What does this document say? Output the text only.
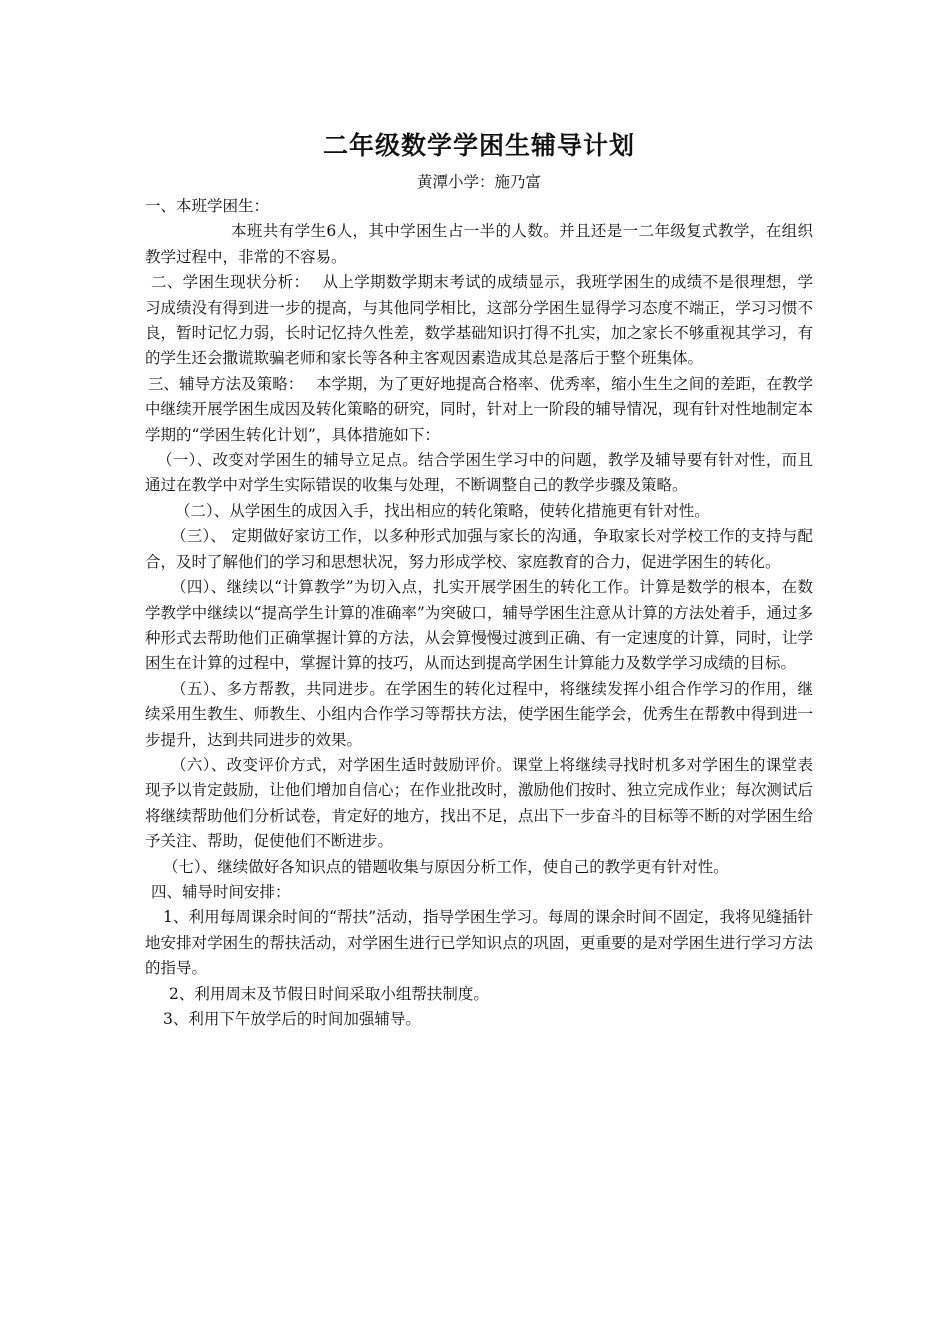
二年级数学学困生辅导计划
黄潭小学：施乃富

一、本班学困生：

本班共有学生6人，其中学困生占一半的人数。并且还是一二年级复式教学，在组织教学过程中，非常的不容易。

二、学困生现状分析：　 从上学期数学期末考试的成绩显示，我班学困生的成绩不是很理想，学习成绩没有得到进一步的提高，与其他同学相比，这部分学困生显得学习态度不端正，学习习惯不良，暂时记忆力弱，长时记忆持久性差，数学基础知识打得不扎实，加之家长不够重视其学习，有的学生还会撒谎欺骗老师和家长等各种主客观因素造成其总是落后于整个班集体。

三、辅导方法及策略：　 本学期，为了更好地提高合格率、优秀率，缩小生生之间的差距，在教学中继续开展学困生成因及转化策略的研究，同时，针对上一阶段的辅导情况，现有针对性地制定本学期的“学困生转化计划”，具体措施如下：

（一）、改变对学困生的辅导立足点。结合学困生学习中的问题，教学及辅导要有针对性，而且通过在教学中对学生实际错误的收集与处理，不断调整自己的教学步骤及策略。

（二）、从学困生的成因入手，找出相应的转化策略，使转化措施更有针对性。

（三）、 定期做好家访工作，以多种形式加强与家长的沟通，争取家长对学校工作的支持与配合，及时了解他们的学习和思想状况，努力形成学校、家庭教育的合力，促进学困生的转化。

（四）、继续以“计算教学”为切入点，扎实开展学困生的转化工作。计算是数学的根本，在数学教学中继续以“提高学生计算的准确率”为突破口，辅导学困生注意从计算的方法处着手，通过多种形式去帮助他们正确掌握计算的方法，从会算慢慢过渡到正确、有一定速度的计算，同时，让学困生在计算的过程中，掌握计算的技巧，从而达到提高学困生计算能力及数学学习成绩的目标。

（五）、多方帮教，共同进步。在学困生的转化过程中，将继续发挥小组合作学习的作用，继续采用生教生、师教生、小组内合作学习等帮扶方法，使学困生能学会，优秀生在帮教中得到进一步提升，达到共同进步的效果。

（六）、改变评价方式，对学困生适时鼓励评价。课堂上将继续寻找时机多对学困生的课堂表现予以肯定鼓励，让他们增加自信心；在作业批改时，激励他们按时、独立完成作业；每次测试后将继续帮助他们分析试卷，肯定好的地方，找出不足，点出下一步奋斗的目标等不断的对学困生给予关注、帮助，促使他们不断进步。

（七）、继续做好各知识点的错题收集与原因分析工作，使自己的教学更有针对性。

四、辅导时间安排：

1、利用每周课余时间的“帮扶”活动，指导学困生学习。每周的课余时间不固定，我将见缝插针地安排对学困生的帮扶活动，对学困生进行已学知识点的巩固，更重要的是对学困生进行学习方法的指导。

2、利用周末及节假日时间采取小组帮扶制度。

3、利用下午放学后的时间加强辅导。
